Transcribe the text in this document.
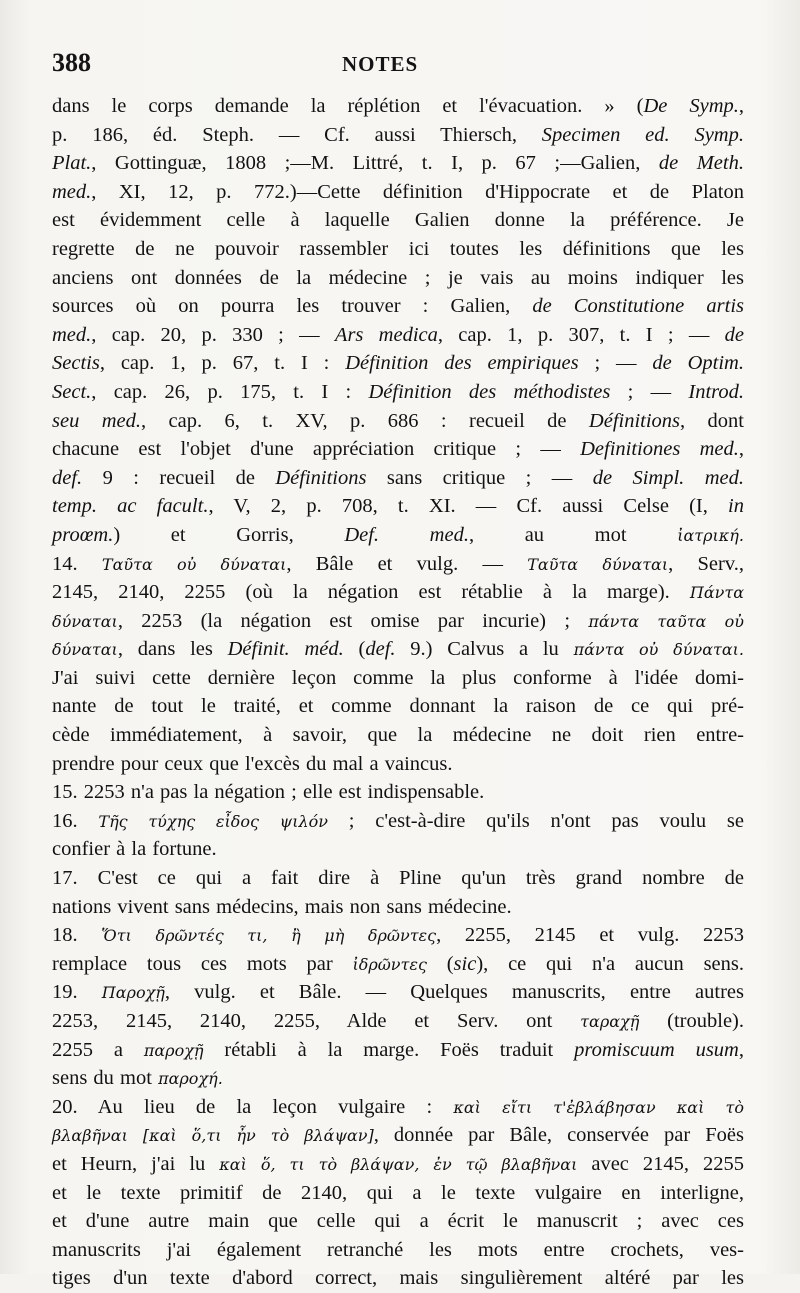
388	NOTES
dans le corps demande la réplétion et l'évacuation. » (De Symp.,
p. 186, éd. Steph. — Cf. aussi Thiersch, Specimen ed. Symp.
Plat., Gottinguæ, 1808 ;—M. Littré, t. I, p. 67 ;—Galien, de Meth.
med., XI, 12, p. 772.)—Cette définition d'Hippocrate et de Platon
est évidemment celle à laquelle Galien donne la préférence. Je
regrette de ne pouvoir rassembler ici toutes les définitions que les
anciens ont données de la médecine ; je vais au moins indiquer les
sources où on pourra les trouver : Galien, de Constitutione artis
med., cap. 20, p. 330 ; — Ars medica, cap. 1, p. 307, t. I ; — de
Sectis, cap. 1, p. 67, t. I : Définition des empiriques ; — de Optim.
Sect., cap. 26, p. 175, t. I : Définition des méthodistes ; — Introd.
seu med., cap. 6, t. XV, p. 686 : recueil de Définitions, dont
chacune est l'objet d'une appréciation critique ; — Definitiones med.,
def. 9 : recueil de Définitions sans critique ; — de Simpl. med.
temp. ac facult., V, 2, p. 708, t. XI. — Cf. aussi Celse (I, in
proœm.) et Gorris, Def. med., au mot ἰατρική.
14. Ταῦτα οὐ δύναται, Bâle et vulg. — Ταῦτα δύναται, Serv.,
2145, 2140, 2255 (où la négation est rétablie à la marge). Πάντα
δύναται, 2253 (la négation est omise par incurie) ; πάντα ταῦτα οὐ
δύναται, dans les Définit. méd. (def. 9.) Calvus a lu πάντα οὐ δύναται.
J'ai suivi cette dernière leçon comme la plus conforme à l'idée domi-
nante de tout le traité, et comme donnant la raison de ce qui pré-
cède immédiatement, à savoir, que la médecine ne doit rien entre-
prendre pour ceux que l'excès du mal a vaincus.
15. 2253 n'a pas la négation ; elle est indispensable.
16. Τῆς τύχης εἶδος ψιλόν ; c'est-à-dire qu'ils n'ont pas voulu se
confier à la fortune.
17. C'est ce qui a fait dire à Pline qu'un très grand nombre de
nations vivent sans médecins, mais non sans médecine.
18. Ὅτι δρῶντές τι, ἢ μὴ δρῶντες, 2255, 2145 et vulg. 2253
remplace tous ces mots par ἰδρῶντες (sic), ce qui n'a aucun sens.
19. Παροχῇ, vulg. et Bâle. — Quelques manuscrits, entre autres
2253, 2145, 2140, 2255, Alde et Serv. ont ταραχῇ (trouble).
2255 a παροχῇ rétabli à la marge. Foës traduit promiscuum usum,
sens du mot παροχή.
20. Au lieu de la leçon vulgaire : καὶ εἴτι τ'ἐβλάβησαν καὶ τὸ
βλαβῆναι [καὶ ὅ,τι ἦν τὸ βλάψαν], donnée par Bâle, conservée par Foës
et Heurn, j'ai lu καὶ ὅ, τι τὸ βλάψαν, ἐν τῷ βλαβῆναι avec 2145, 2255
et le texte primitif de 2140, qui a le texte vulgaire en interligne,
et d'une autre main que celle qui a écrit le manuscrit ; avec ces
manuscrits j'ai également retranché les mots entre crochets, ves-
tiges d'un texte d'abord correct, mais singulièrement altéré par les
